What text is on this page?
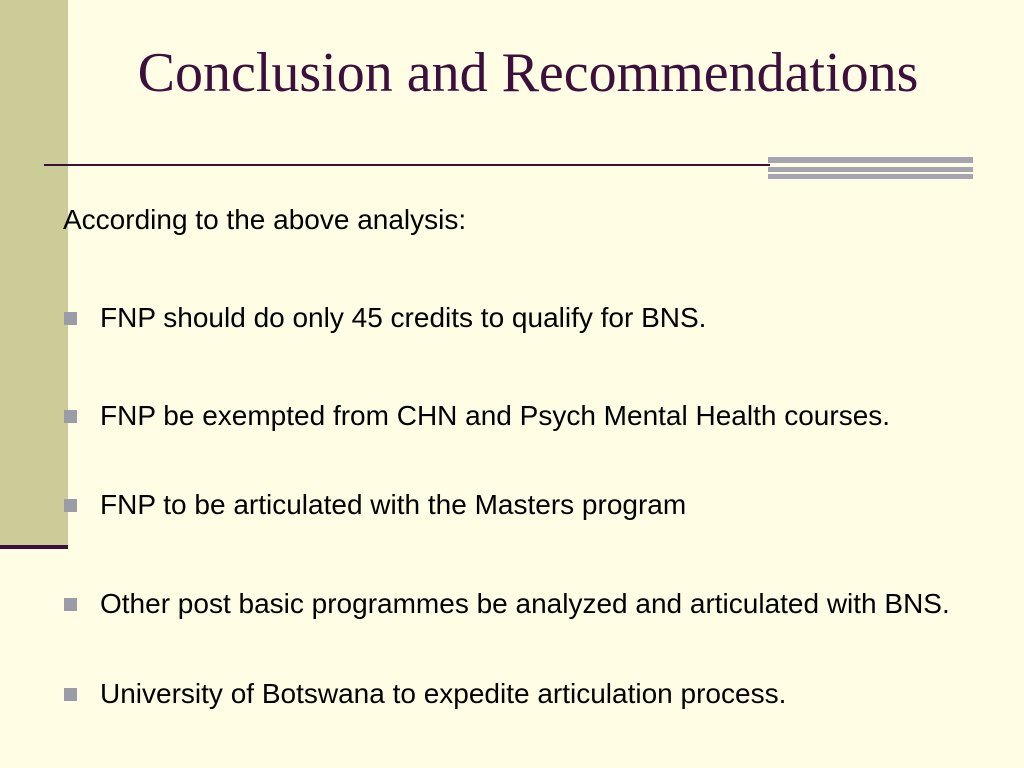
Conclusion and Recommendations
According to the above analysis:
FNP should do only 45 credits to qualify for BNS.
FNP be exempted from CHN and Psych Mental Health courses.
FNP to be articulated with the Masters program
Other post basic programmes be analyzed and articulated with BNS.
University of Botswana to expedite articulation process.
